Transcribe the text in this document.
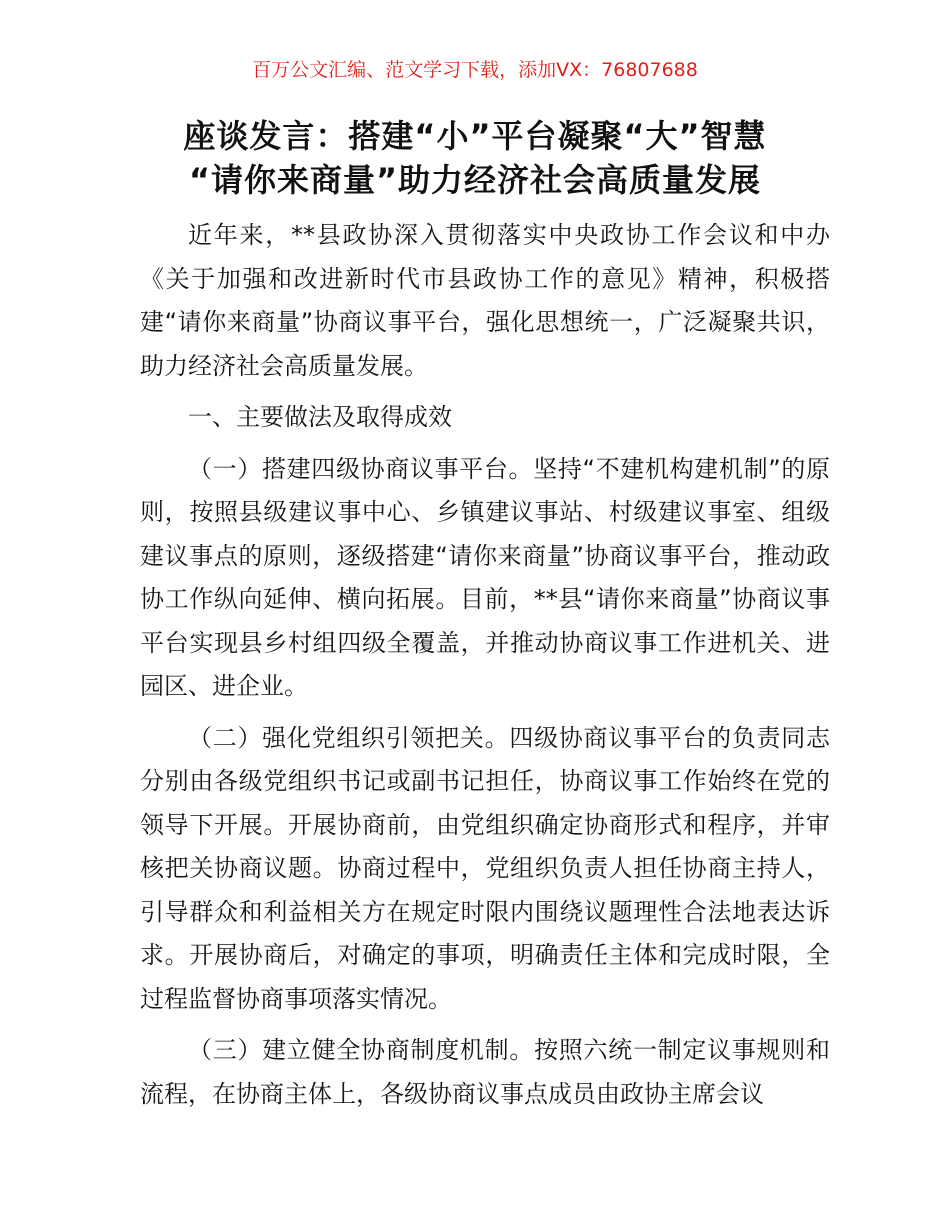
百万公文汇编、范文学习下载，添加VX：76807688
座谈发言：搭建“小”平台凝聚“大”智慧
“请你来商量”助力经济社会高质量发展

近年来，**县政协深入贯彻落实中央政协工作会议和中办《关于加强和改进新时代市县政协工作的意见》精神，积极搭建“请你来商量”协商议事平台，强化思想统一，广泛凝聚共识，助力经济社会高质量发展。

一、主要做法及取得成效

（一）搭建四级协商议事平台。坚持“不建机构建机制”的原则，按照县级建议事中心、乡镇建议事站、村级建议事室、组级建议事点的原则，逐级搭建“请你来商量”协商议事平台，推动政协工作纵向延伸、横向拓展。目前，**县“请你来商量”协商议事平台实现县乡村组四级全覆盖，并推动协商议事工作进机关、进园区、进企业。

（二）强化党组织引领把关。四级协商议事平台的负责同志分别由各级党组织书记或副书记担任，协商议事工作始终在党的领导下开展。开展协商前，由党组织确定协商形式和程序，并审核把关协商议题。协商过程中，党组织负责人担任协商主持人，引导群众和利益相关方在规定时限内围绕议题理性合法地表达诉求。开展协商后，对确定的事项，明确责任主体和完成时限，全过程监督协商事项落实情况。

（三）建立健全协商制度机制。按照六统一制定议事规则和流程，在协商主体上，各级协商议事点成员由政协主席会议
